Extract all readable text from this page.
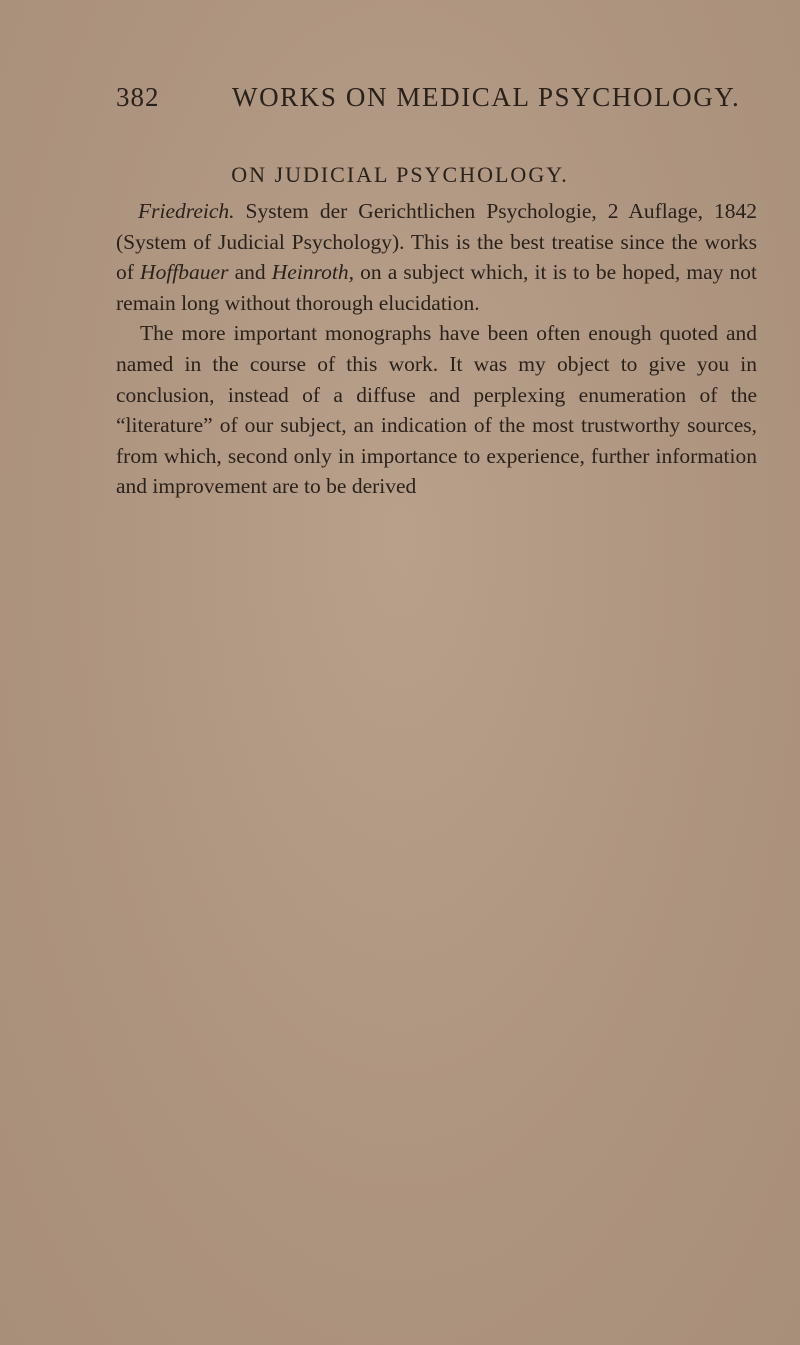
382	WORKS ON MEDICAL PSYCHOLOGY.
ON JUDICIAL PSYCHOLOGY.

Friedreich. System der Gerichtlichen Psychologie, 2 Auflage, 1842 (System of Judicial Psychology). This is the best treatise since the works of Hoffbauer and Heinroth, on a subject which, it is to be hoped, may not remain long without thorough elucidation.

The more important monographs have been often enough quoted and named in the course of this work. It was my object to give you in conclusion, instead of a diffuse and perplexing enumeration of the “literature” of our subject, an indication of the most trustworthy sources, from which, second only in importance to experience, further information and improvement are to be derived
